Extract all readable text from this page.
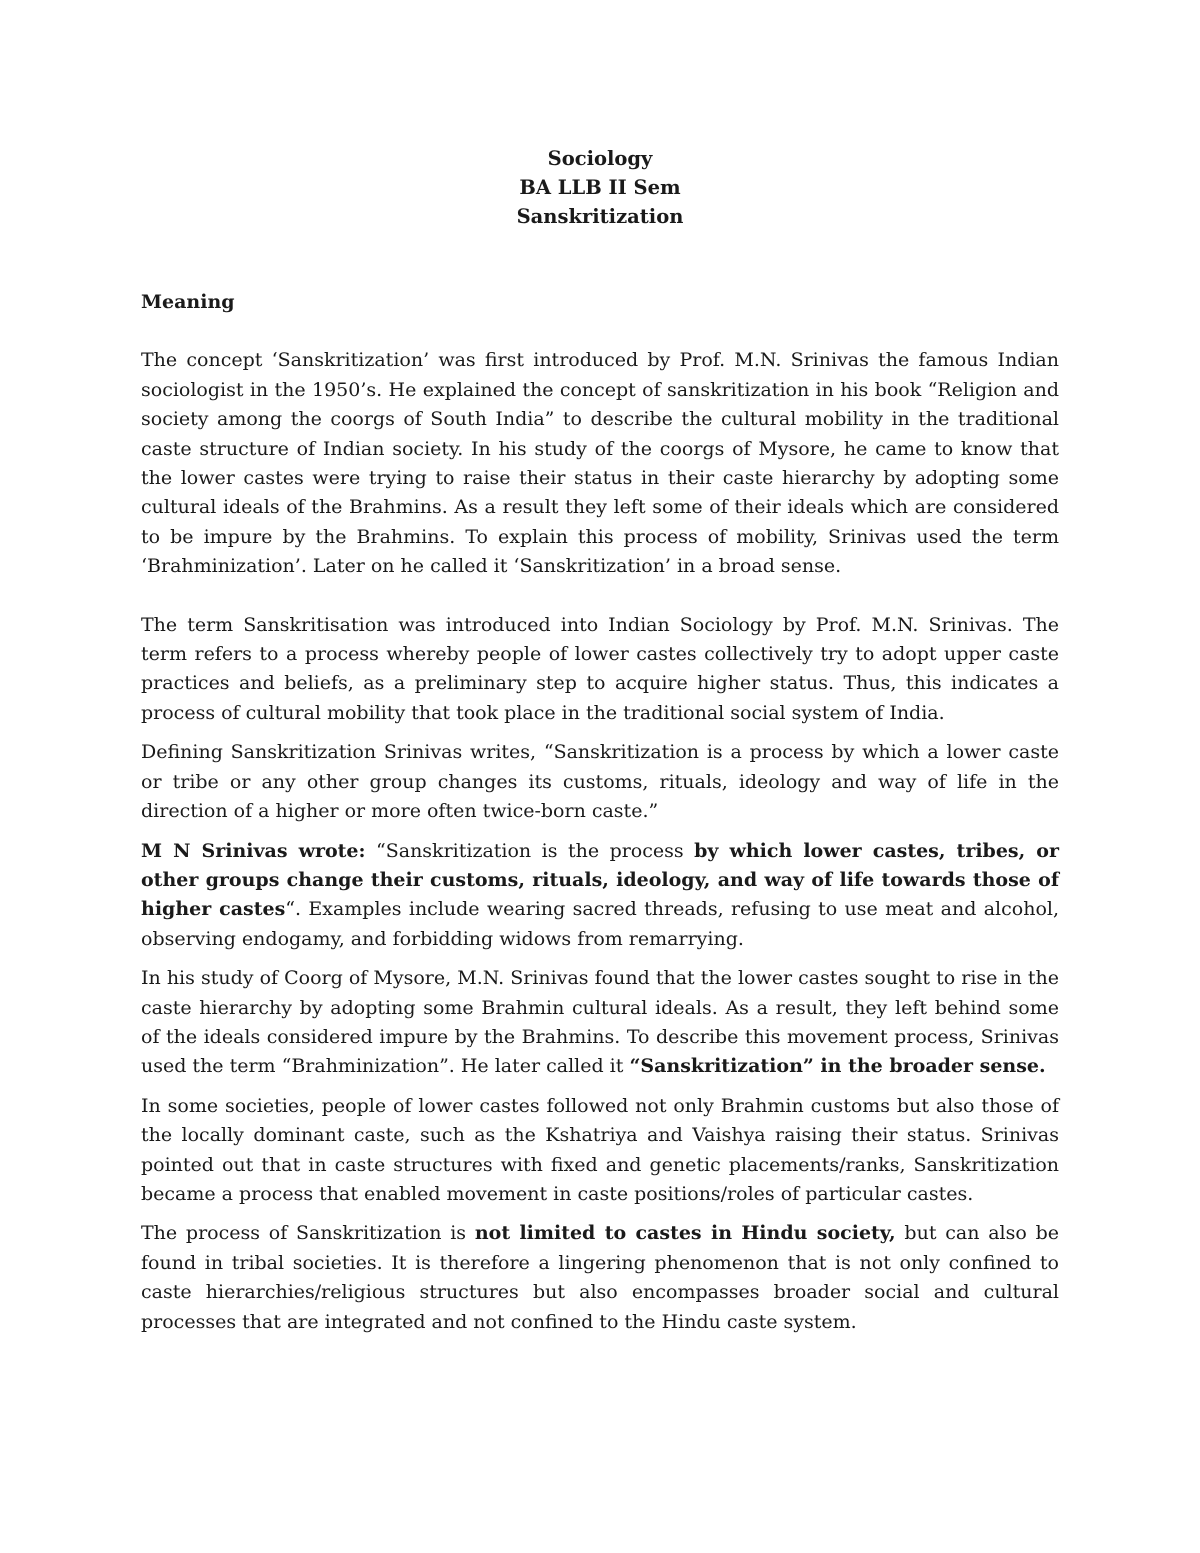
Sociology
BA LLB II Sem
Sanskritization
Meaning

The concept ‘Sanskritization’ was first introduced by Prof. M.N. Srinivas the famous Indian sociologist in the 1950’s. He explained the concept of sanskritization in his book “Religion and society among the coorgs of South India” to describe the cultural mobility in the traditional caste structure of Indian society. In his study of the coorgs of Mysore, he came to know that the lower castes were trying to raise their status in their caste hierarchy by adopting some cultural ideals of the Brahmins. As a result they left some of their ideals which are considered to be impure by the Brahmins. To explain this process of mobility, Srinivas used the term ‘Brahminization’. Later on he called it ‘Sanskritization’ in a broad sense.

The term Sanskritisation was introduced into Indian Sociology by Prof. M.N. Srinivas. The term refers to a process whereby people of lower castes collectively try to adopt upper caste practices and beliefs, as a preliminary step to acquire higher status. Thus, this indicates a process of cultural mobility that took place in the traditional social system of India.

Defining Sanskritization Srinivas writes, “Sanskritization is a process by which a lower caste or tribe or any other group changes its customs, rituals, ideology and way of life in the direction of a higher or more often twice-born caste.”

M N Srinivas wrote: “Sanskritization is the process by which lower castes, tribes, or other groups change their customs, rituals, ideology, and way of life towards those of higher castes“. Examples include wearing sacred threads, refusing to use meat and alcohol, observing endogamy, and forbidding widows from remarrying.

In his study of Coorg of Mysore, M.N. Srinivas found that the lower castes sought to rise in the caste hierarchy by adopting some Brahmin cultural ideals. As a result, they left behind some of the ideals considered impure by the Brahmins. To describe this movement process, Srinivas used the term “Brahminization”. He later called it “Sanskritization” in the broader sense.

In some societies, people of lower castes followed not only Brahmin customs but also those of the locally dominant caste, such as the Kshatriya and Vaishya raising their status. Srinivas pointed out that in caste structures with fixed and genetic placements/ranks, Sanskritization became a process that enabled movement in caste positions/roles of particular castes.

The process of Sanskritization is not limited to castes in Hindu society, but can also be found in tribal societies. It is therefore a lingering phenomenon that is not only confined to caste hierarchies/religious structures but also encompasses broader social and cultural processes that are integrated and not confined to the Hindu caste system.
